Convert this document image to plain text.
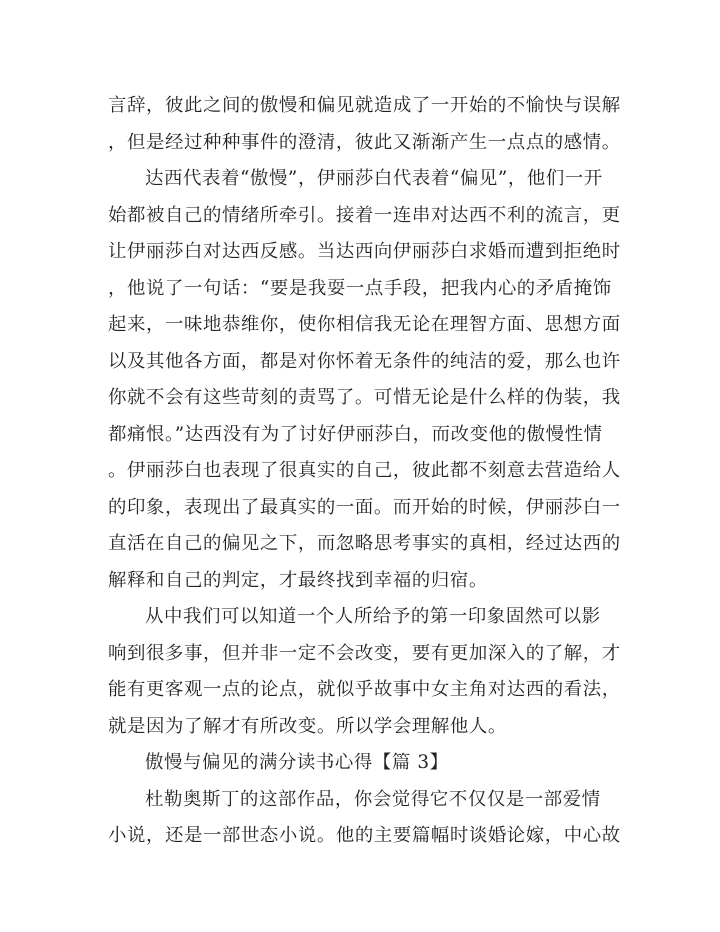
言辞，彼此之间的傲慢和偏见就造成了一开始的不愉快与误解
，但是经过种种事件的澄清，彼此又渐渐产生一点点的感情。
达西代表着“傲慢”，伊丽莎白代表着“偏见”，他们一开
始都被自己的情绪所牵引。接着一连串对达西不利的流言，更
让伊丽莎白对达西反感。当达西向伊丽莎白求婚而遭到拒绝时
，他说了一句话：“要是我耍一点手段，把我内心的矛盾掩饰
起来，一味地恭维你，使你相信我无论在理智方面、思想方面
以及其他各方面，都是对你怀着无条件的纯洁的爱，那么也许
你就不会有这些苛刻的责骂了。可惜无论是什么样的伪装，我
都痛恨。”达西没有为了讨好伊丽莎白，而改变他的傲慢性情
。伊丽莎白也表现了很真实的自己，彼此都不刻意去营造给人
的印象，表现出了最真实的一面。而开始的时候，伊丽莎白一
直活在自己的偏见之下，而忽略思考事实的真相，经过达西的
解释和自己的判定，才最终找到幸福的归宿。
从中我们可以知道一个人所给予的第一印象固然可以影
响到很多事，但并非一定不会改变，要有更加深入的了解，才
能有更客观一点的论点，就似乎故事中女主角对达西的看法，
就是因为了解才有所改变。所以学会理解他人。
傲慢与偏见的满分读书心得【篇 3】
杜勒奥斯丁的这部作品，你会觉得它不仅仅是一部爱情
小说，还是一部世态小说。他的主要篇幅时谈婚论嫁，中心故
